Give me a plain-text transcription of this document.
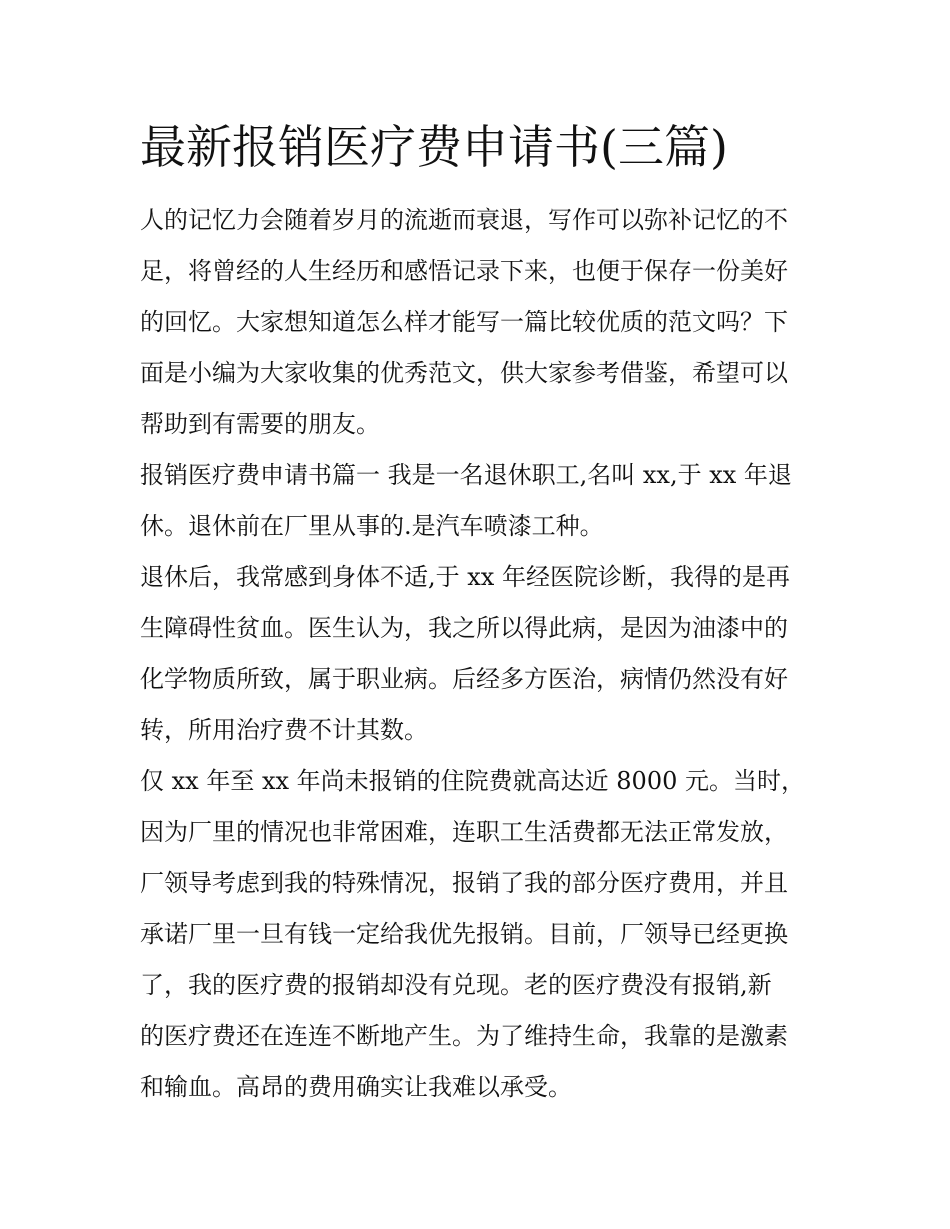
最新报销医疗费申请书(三篇)
人的记忆力会随着岁月的流逝而衰退，写作可以弥补记忆的不
足，将曾经的人生经历和感悟记录下来，也便于保存一份美好
的回忆。大家想知道怎么样才能写一篇比较优质的范文吗？下
面是小编为大家收集的优秀范文，供大家参考借鉴，希望可以
帮助到有需要的朋友。
报销医疗费申请书篇一 我是一名退休职工,名叫 xx,于 xx 年退
休。退休前在厂里从事的.是汽车喷漆工种。
退休后，我常感到身体不适,于 xx 年经医院诊断，我得的是再
生障碍性贫血。医生认为，我之所以得此病，是因为油漆中的
化学物质所致，属于职业病。后经多方医治，病情仍然没有好
转，所用治疗费不计其数。
仅 xx 年至 xx 年尚未报销的住院费就高达近 8000 元。当时，
因为厂里的情况也非常困难，连职工生活费都无法正常发放，
厂领导考虑到我的特殊情况，报销了我的部分医疗费用，并且
承诺厂里一旦有钱一定给我优先报销。目前，厂领导已经更换
了，我的医疗费的报销却没有兑现。老的医疗费没有报销,新
的医疗费还在连连不断地产生。为了维持生命，我靠的是激素
和输血。高昂的费用确实让我难以承受。
